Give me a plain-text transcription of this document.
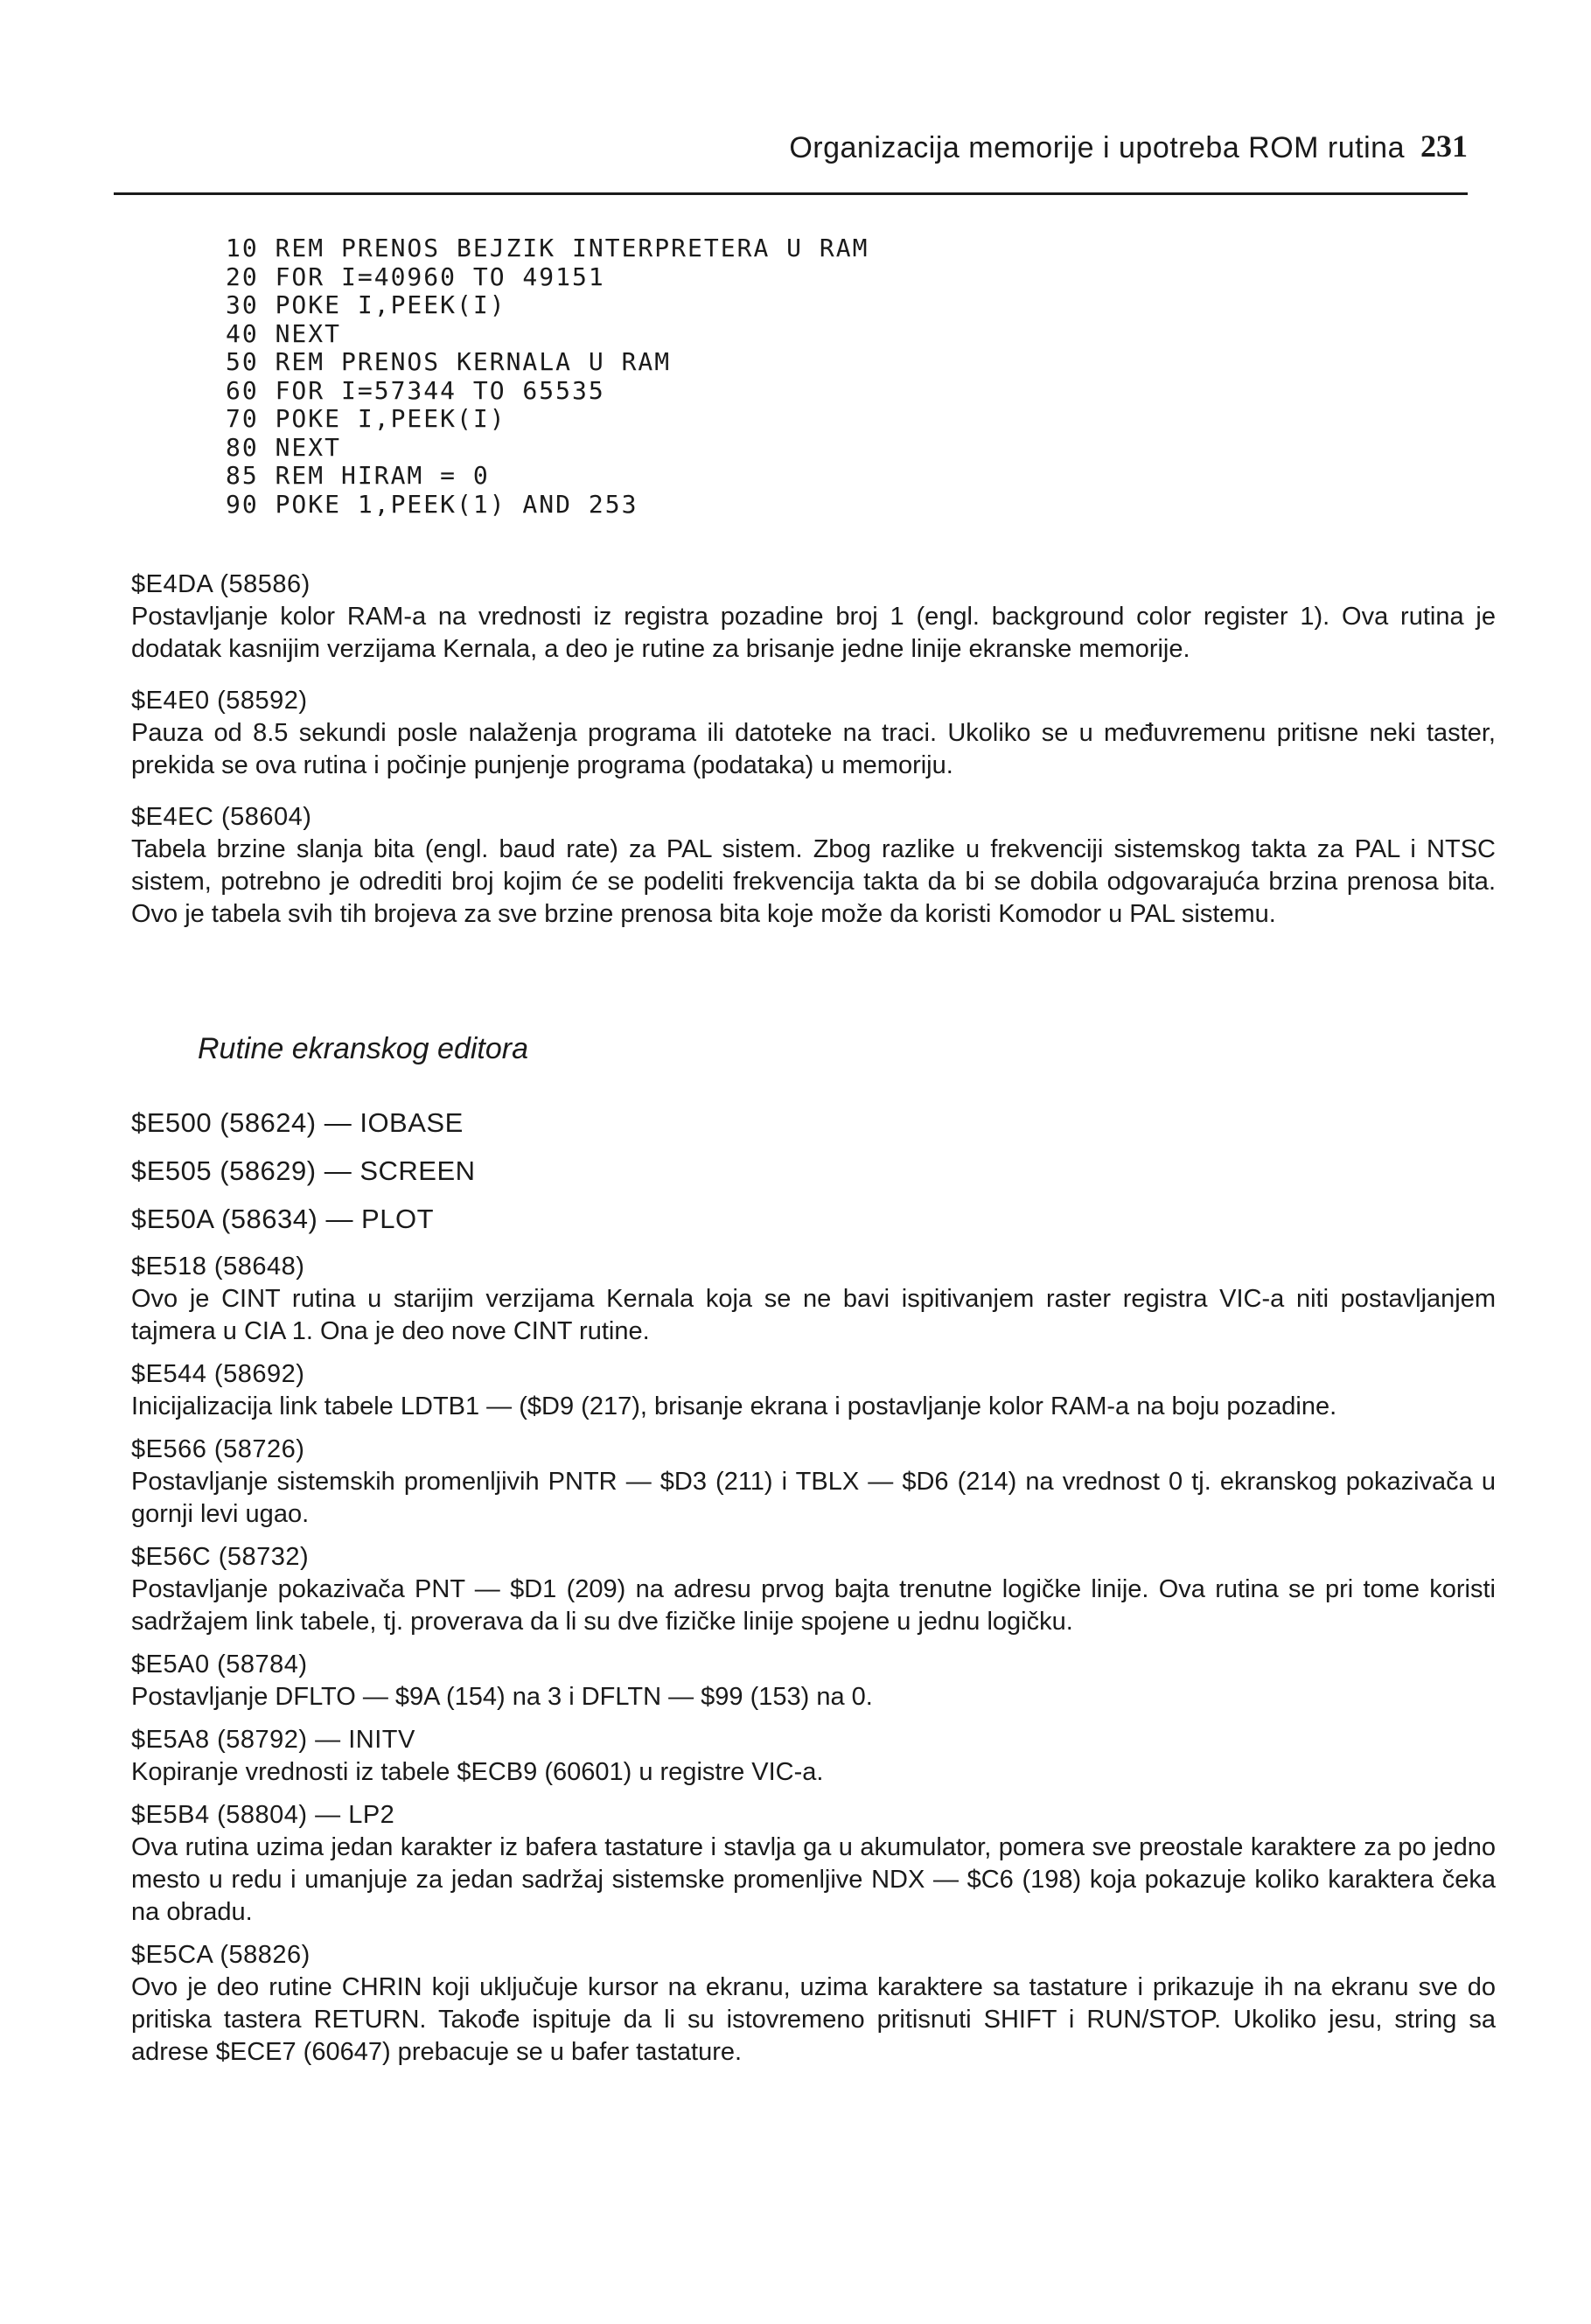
Organizacija memorije i upotreba ROM rutina 231
10 REM PRENOS BEJZIK INTERPRETERA U RAM
20 FOR I=40960 TO 49151
30 POKE I,PEEK(I)
40 NEXT
50 REM PRENOS KERNALA U RAM
60 FOR I=57344 TO 65535
70 POKE I,PEEK(I)
80 NEXT
85 REM HIRAM = 0
90 POKE 1,PEEK(1) AND 253
$E4DA (58586)
Postavljanje kolor RAM-a na vrednosti iz registra pozadine broj 1 (engl. background color register 1). Ova rutina je dodatak kasnijim verzijama Kernala, a deo je rutine za brisanje jedne linije ekranske memorije.
$E4E0 (58592)
Pauza od 8.5 sekundi posle nalaženja programa ili datoteke na traci. Ukoliko se u međuvremenu pritisne neki taster, prekida se ova rutina i počinje punjenje programa (podataka) u memoriju.
$E4EC (58604)
Tabela brzine slanja bita (engl. baud rate) za PAL sistem. Zbog razlike u frekvenciji sistemskog takta za PAL i NTSC sistem, potrebno je odrediti broj kojim će se podeliti frekvencija takta da bi se dobila odgovarajuća brzina prenosa bita. Ovo je tabela svih tih brojeva za sve brzine prenosa bita koje može da koristi Komodor u PAL sistemu.
Rutine ekranskog editora
$E500 (58624) — IOBASE
$E505 (58629) — SCREEN
$E50A (58634) — PLOT
$E518 (58648)
Ovo je CINT rutina u starijim verzijama Kernala koja se ne bavi ispitivanjem raster registra VIC-a niti postavljanjem tajmera u CIA 1. Ona je deo nove CINT rutine.
$E544 (58692)
Inicijalizacija link tabele LDTB1 — ($D9 (217), brisanje ekrana i postavljanje kolor RAM-a na boju pozadine.
$E566 (58726)
Postavljanje sistemskih promenljivih PNTR — $D3 (211) i TBLX — $D6 (214) na vrednost 0 tj. ekranskog pokazivača u gornji levi ugao.
$E56C (58732)
Postavljanje pokazivača PNT — $D1 (209) na adresu prvog bajta trenutne logičke linije. Ova rutina se pri tome koristi sadržajem link tabele, tj. proverava da li su dve fizičke linije spojene u jednu logičku.
$E5A0 (58784)
Postavljanje DFLTO — $9A (154) na 3 i DFLTN — $99 (153) na 0.
$E5A8 (58792) — INITV
Kopiranje vrednosti iz tabele $ECB9 (60601) u registre VIC-a.
$E5B4 (58804) — LP2
Ova rutina uzima jedan karakter iz bafera tastature i stavlja ga u akumulator, pomera sve preostale karaktere za po jedno mesto u redu i umanjuje za jedan sadržaj sistemske promenljive NDX — $C6 (198) koja pokazuje koliko karaktera čeka na obradu.
$E5CA (58826)
Ovo je deo rutine CHRIN koji uključuje kursor na ekranu, uzima karaktere sa tastature i prikazuje ih na ekranu sve do pritiska tastera RETURN. Takođe ispituje da li su istovremeno pritisnuti SHIFT i RUN/STOP. Ukoliko jesu, string sa adrese $ECE7 (60647) prebacuje se u bafer tastature.
